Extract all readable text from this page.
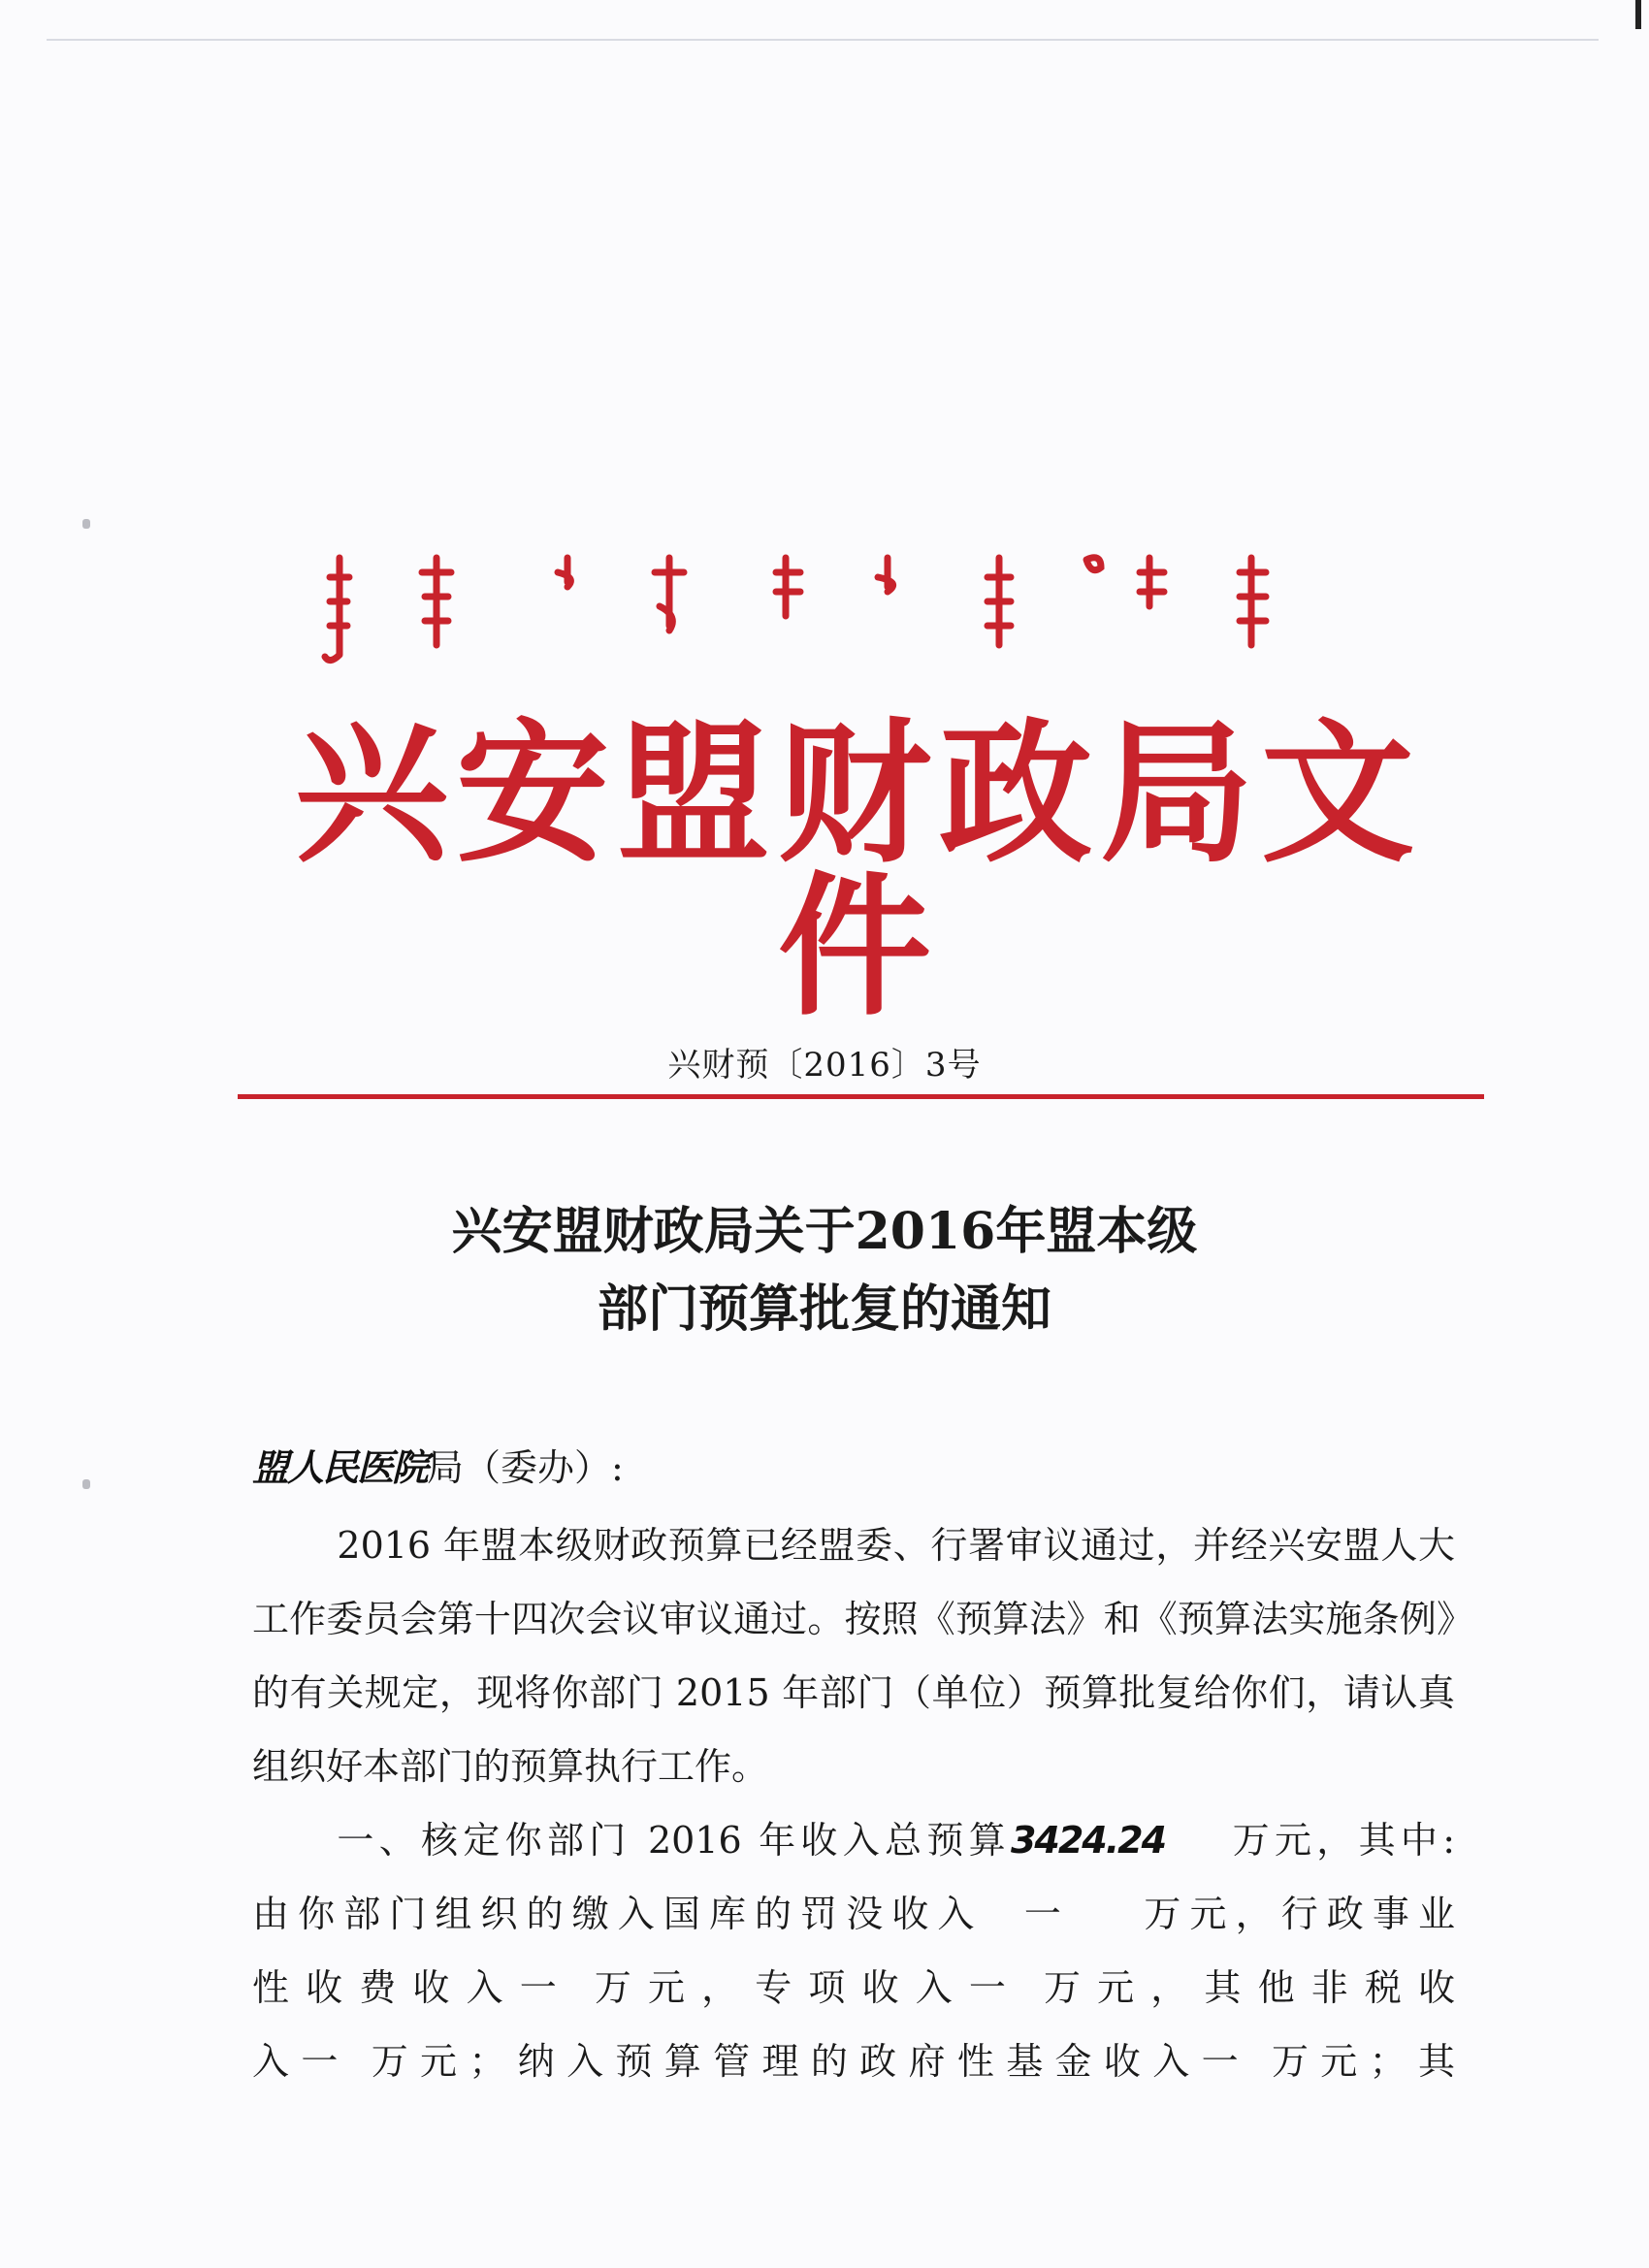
兴安盟财政局文件
兴财预〔2016〕3号
兴安盟财政局关于2016年盟本级
部门预算批复的通知
盟人民医院局（委办）:

2016 年盟本级财政预算已经盟委、行署审议通过，并经兴安盟人大工作委员会第十四次会议审议通过。按照《预算法》和《预算法实施条例》的有关规定，现将你部门 2015 年部门（单位）预算批复给你们，请认真组织好本部门的预算执行工作。

一、核定你部门 2016 年收入总预算3424.24 万元，其中:
由你部门组织的缴入国库的罚没收入 一 万元，行政事业
性收费收入一 万元，专项收入一 万元，其他非税收
入一 万元；纳入预算管理的政府性基金收入一 万元；其
